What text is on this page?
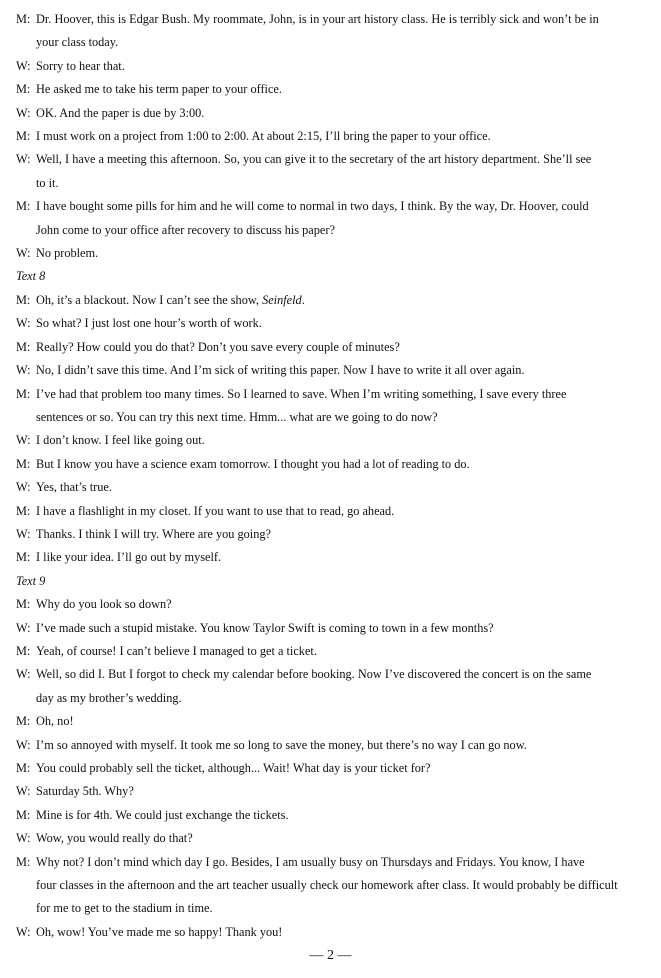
M: Dr. Hoover, this is Edgar Bush. My roommate, John, is in your art history class. He is terribly sick and won’t be in
your class today.
W: Sorry to hear that.
M: He asked me to take his term paper to your office.
W: OK. And the paper is due by 3:00.
M: I must work on a project from 1:00 to 2:00. At about 2:15, I’ll bring the paper to your office.
W: Well, I have a meeting this afternoon. So, you can give it to the secretary of the art history department. She’ll see
to it.
M: I have bought some pills for him and he will come to normal in two days, I think. By the way, Dr. Hoover, could
John come to your office after recovery to discuss his paper?
W: No problem.
Text 8
M: Oh, it’s a blackout. Now I can’t see the show, Seinfeld.
W: So what? I just lost one hour’s worth of work.
M: Really? How could you do that? Don’t you save every couple of minutes?
W: No, I didn’t save this time. And I’m sick of writing this paper. Now I have to write it all over again.
M: I’ve had that problem too many times. So I learned to save. When I’m writing something, I save every three
sentences or so. You can try this next time. Hmm... what are we going to do now?
W: I don’t know. I feel like going out.
M: But I know you have a science exam tomorrow. I thought you had a lot of reading to do.
W: Yes, that’s true.
M: I have a flashlight in my closet. If you want to use that to read, go ahead.
W: Thanks. I think I will try. Where are you going?
M: I like your idea. I’ll go out by myself.
Text 9
M: Why do you look so down?
W: I’ve made such a stupid mistake. You know Taylor Swift is coming to town in a few months?
M: Yeah, of course! I can’t believe I managed to get a ticket.
W: Well, so did I. But I forgot to check my calendar before booking. Now I’ve discovered the concert is on the same
day as my brother’s wedding.
M: Oh, no!
W: I’m so annoyed with myself. It took me so long to save the money, but there’s no way I can go now.
M: You could probably sell the ticket, although... Wait! What day is your ticket for?
W: Saturday 5th. Why?
M: Mine is for 4th. We could just exchange the tickets.
W: Wow, you would really do that?
M: Why not? I don’t mind which day I go. Besides, I am usually busy on Thursdays and Fridays. You know, I have
four classes in the afternoon and the art teacher usually check our homework after class. It would probably be difficult
for me to get to the stadium in time.
W: Oh, wow! You’ve made me so happy! Thank you!
— 2 —
